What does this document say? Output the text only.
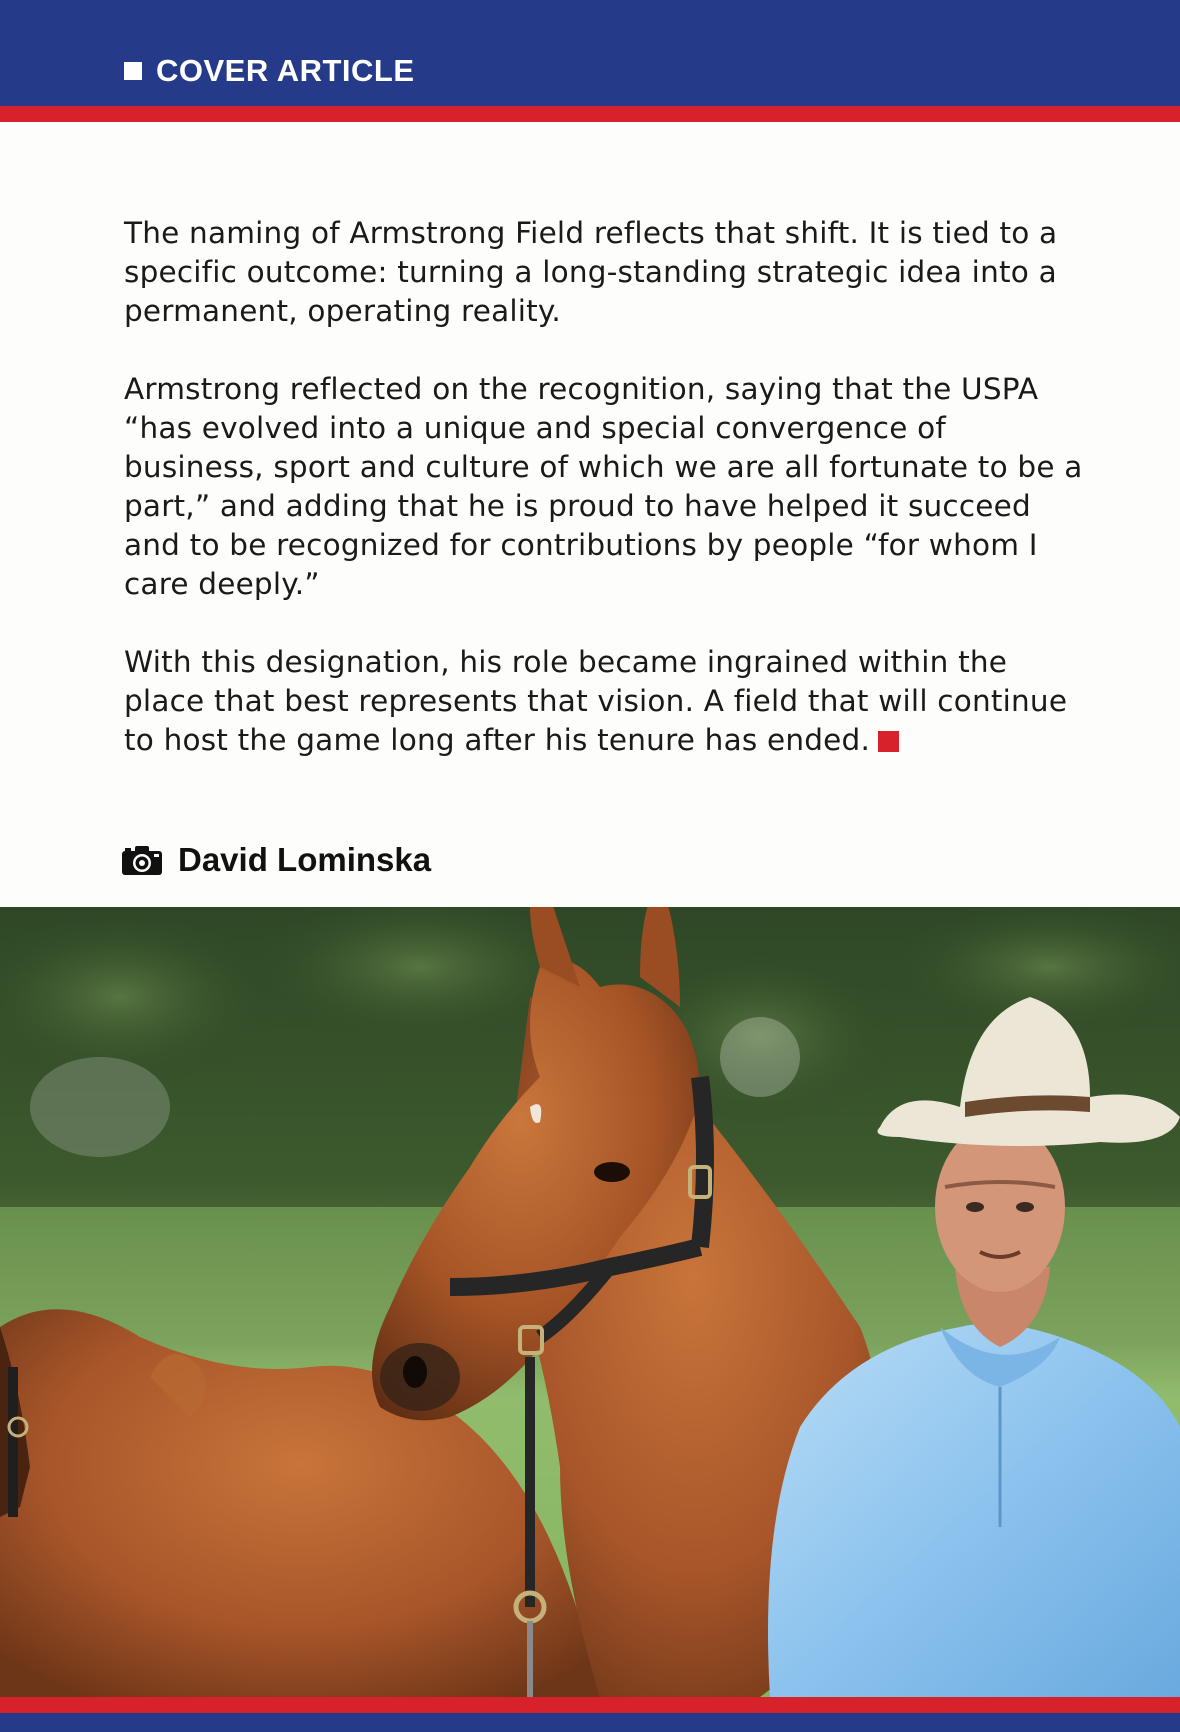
COVER ARTICLE

The naming of Armstrong Field reflects that shift. It is tied to a specific outcome: turning a long-standing strategic idea into a permanent, operating reality.

Armstrong reflected on the recognition, saying that the USPA “has evolved into a unique and special convergence of business, sport and culture of which we are all fortunate to be a part,” and adding that he is proud to have helped it succeed and to be recognized for contributions by people “for whom I care deeply.”

With this designation, his role became ingrained within the place that best represents that vision. A field that will continue to host the game long after his tenure has ended.

David Lominska
